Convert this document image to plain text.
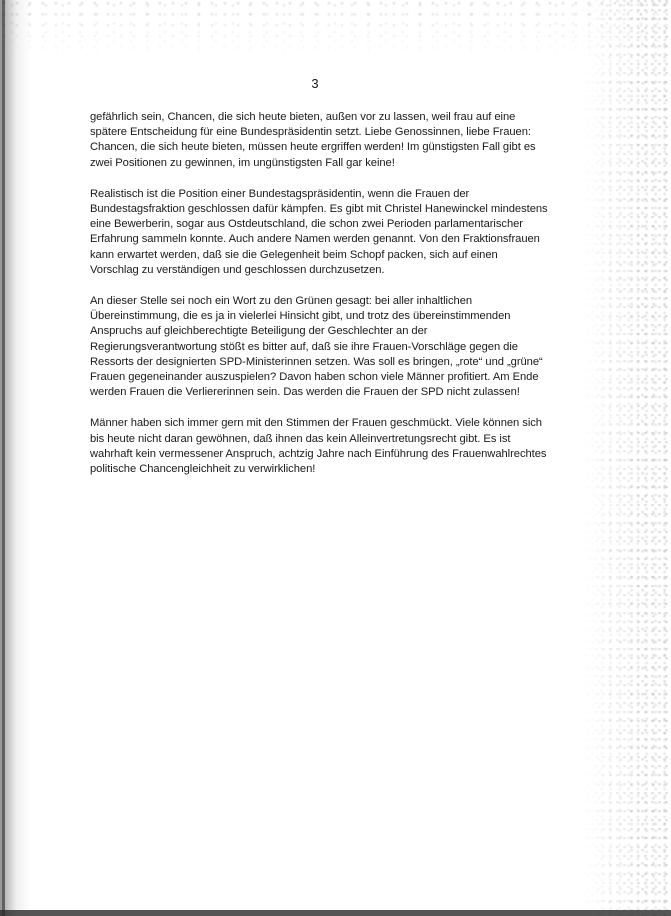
3

gefährlich sein, Chancen, die sich heute bieten, außen vor zu lassen, weil frau auf eine
spätere Entscheidung für eine Bundespräsidentin setzt. Liebe Genossinnen, liebe Frauen:
Chancen, die sich heute bieten, müssen heute ergriffen werden! Im günstigsten Fall gibt es
zwei Positionen zu gewinnen, im ungünstigsten Fall gar keine!

Realistisch ist die Position einer Bundestagspräsidentin, wenn die Frauen der
Bundestagsfraktion geschlossen dafür kämpfen. Es gibt mit Christel Hanewinckel mindestens
eine Bewerberin, sogar aus Ostdeutschland, die schon zwei Perioden parlamentarischer
Erfahrung sammeln konnte. Auch andere Namen werden genannt. Von den Fraktionsfrauen
kann erwartet werden, daß sie die Gelegenheit beim Schopf packen, sich auf einen
Vorschlag zu verständigen und geschlossen durchzusetzen.

An dieser Stelle sei noch ein Wort zu den Grünen gesagt: bei aller inhaltlichen
Übereinstimmung, die es ja in vielerlei Hinsicht gibt, und trotz des übereinstimmenden
Anspruchs auf gleichberechtigte Beteiligung der Geschlechter an der
Regierungsverantwortung stößt es bitter auf, daß sie ihre Frauen-Vorschläge gegen die
Ressorts der designierten SPD-Ministerinnen setzen. Was soll es bringen, „rote“ und „grüne“
Frauen gegeneinander auszuspielen? Davon haben schon viele Männer profitiert. Am Ende
werden Frauen die Verliererinnen sein. Das werden die Frauen der SPD nicht zulassen!

Männer haben sich immer gern mit den Stimmen der Frauen geschmückt. Viele können sich
bis heute nicht daran gewöhnen, daß ihnen das kein Alleinvertretungsrecht gibt. Es ist
wahrhaft kein vermessener Anspruch, achtzig Jahre nach Einführung des Frauenwahlrechtes
politische Chancengleichheit zu verwirklichen!
